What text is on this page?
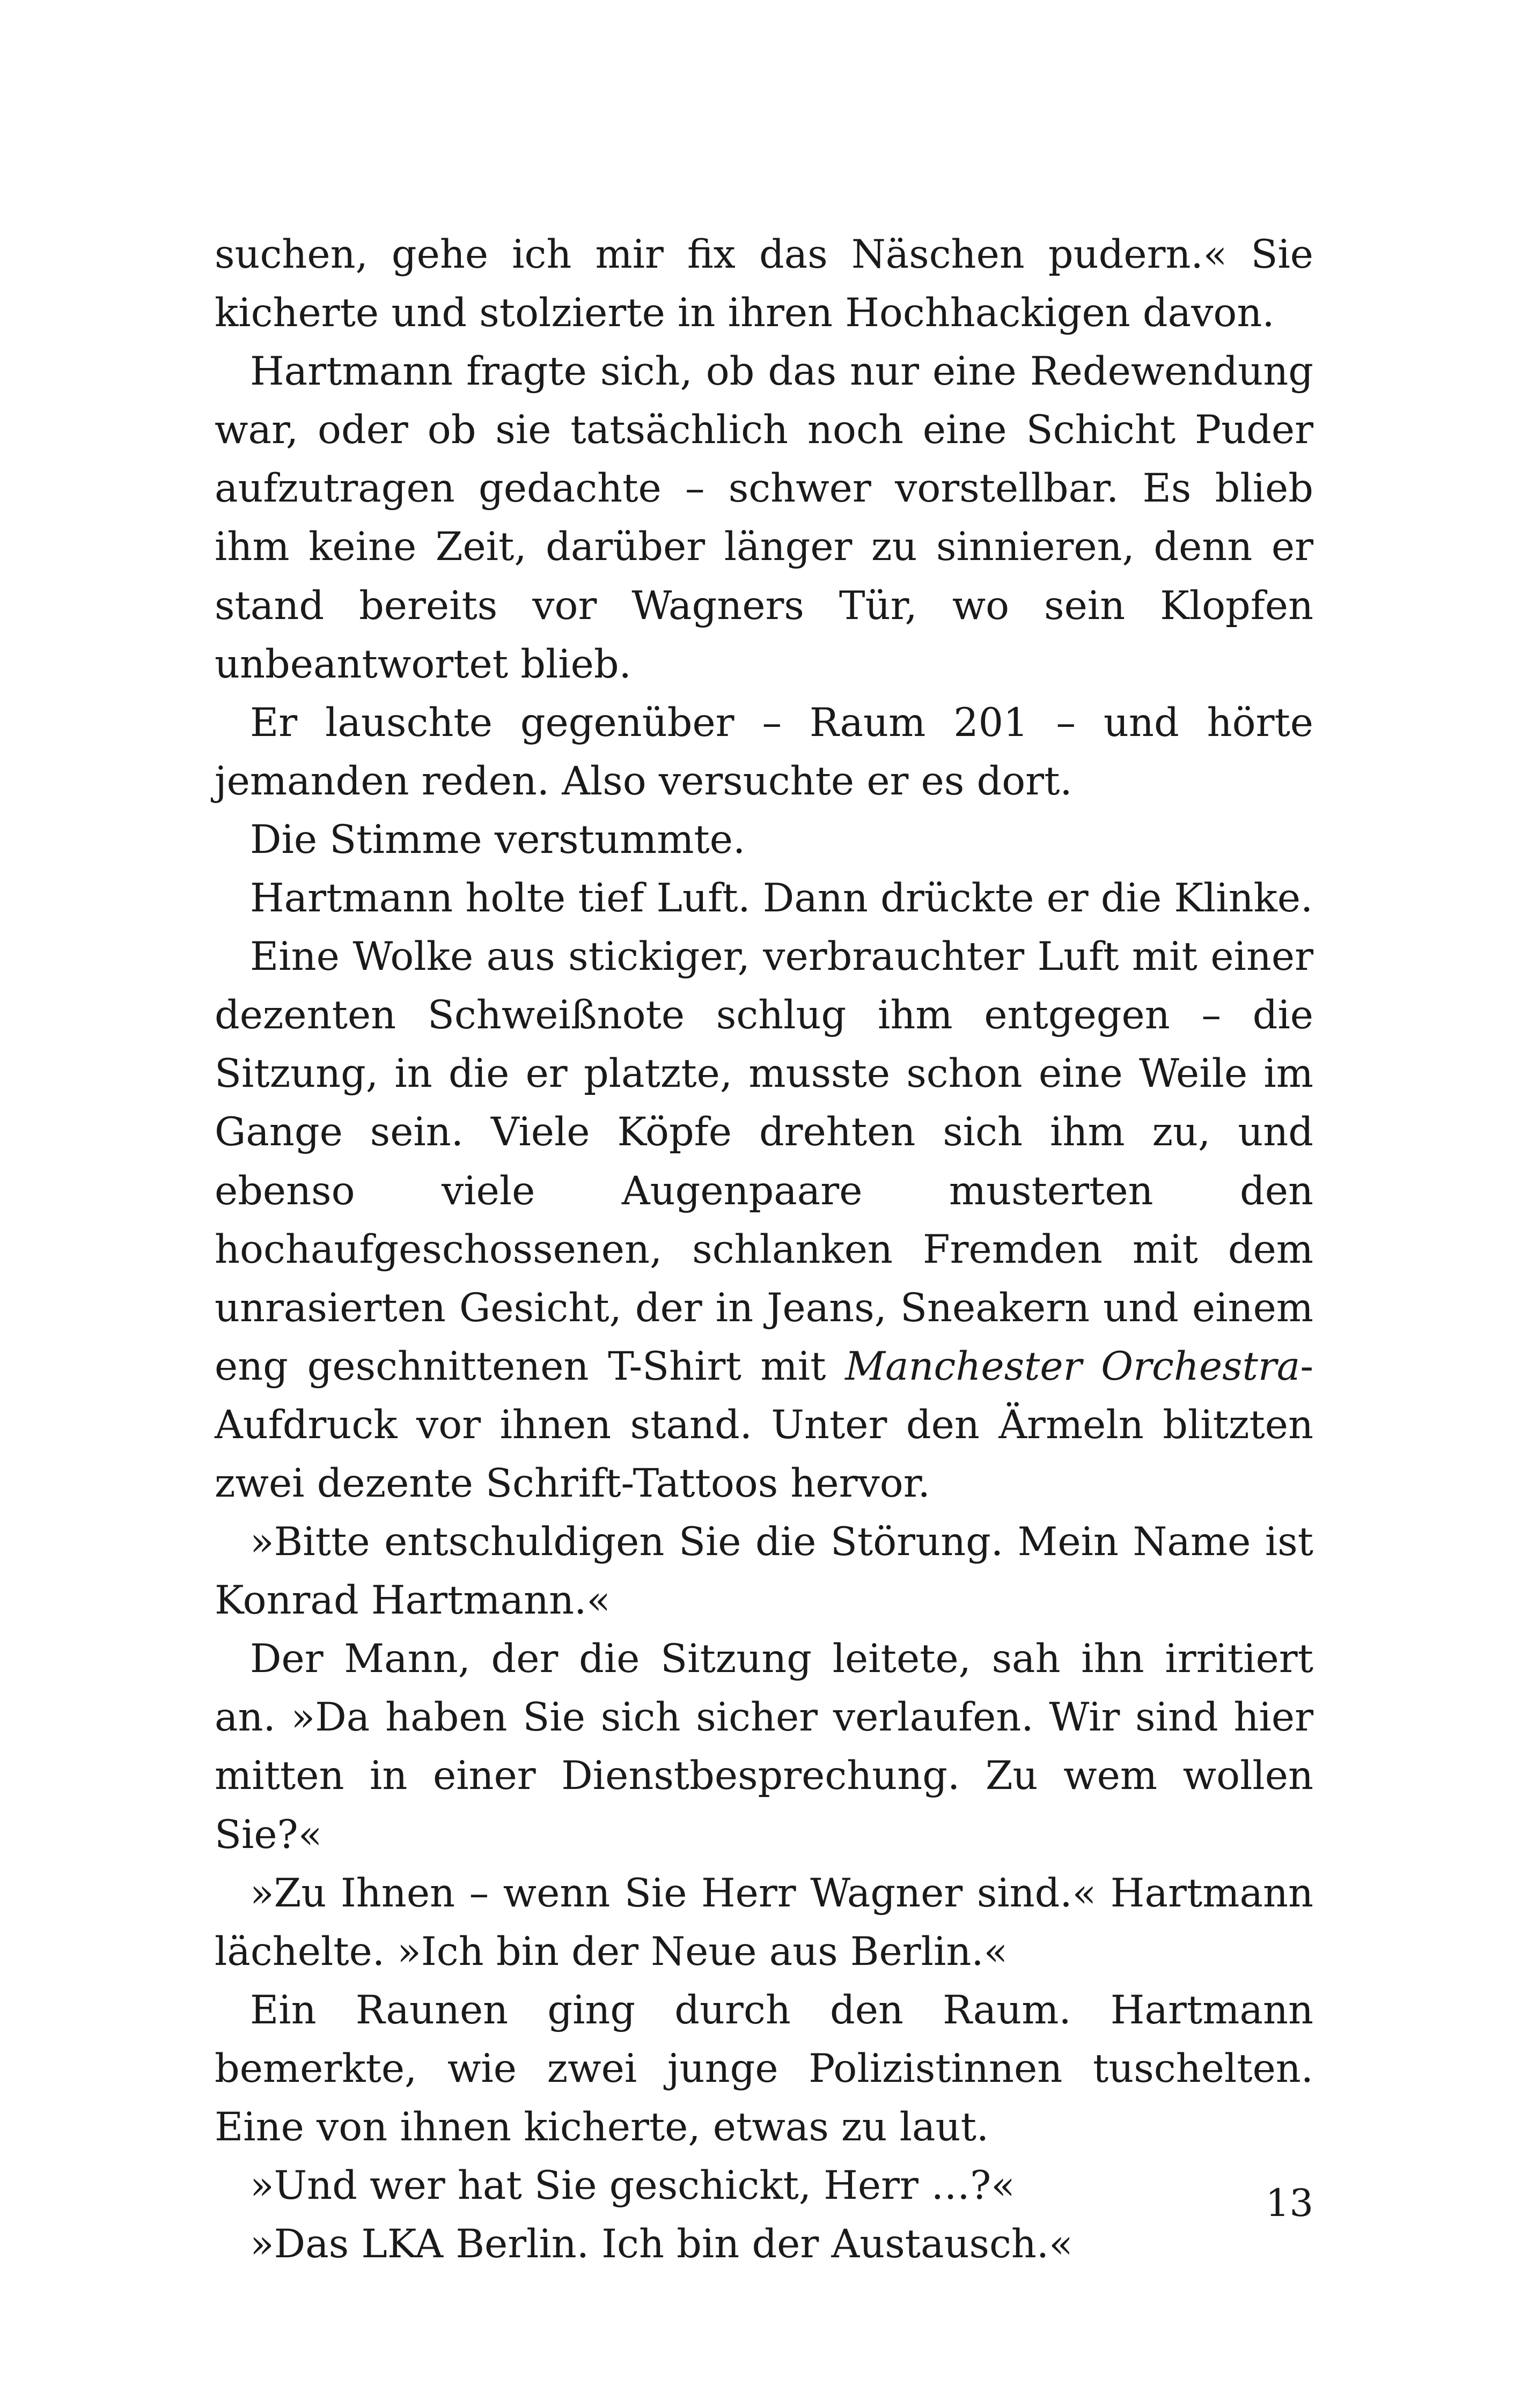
suchen, gehe ich mir fix das Näschen pudern.« Sie kicherte und stolzierte in ihren Hochhackigen davon.

Hartmann fragte sich, ob das nur eine Redewendung war, oder ob sie tatsächlich noch eine Schicht Puder aufzutragen gedachte – schwer vorstellbar. Es blieb ihm keine Zeit, darüber länger zu sinnieren, denn er stand bereits vor Wagners Tür, wo sein Klopfen unbeantwortet blieb.

Er lauschte gegenüber – Raum 201 – und hörte jemanden reden. Also versuchte er es dort.

Die Stimme verstummte.

Hartmann holte tief Luft. Dann drückte er die Klinke.

Eine Wolke aus stickiger, verbrauchter Luft mit einer dezenten Schweißnote schlug ihm entgegen – die Sitzung, in die er platzte, musste schon eine Weile im Gange sein. Viele Köpfe drehten sich ihm zu, und ebenso viele Augenpaare musterten den hochaufgeschossenen, schlanken Fremden mit dem unrasierten Gesicht, der in Jeans, Sneakern und einem eng geschnittenen T-Shirt mit Manchester Orchestra-Aufdruck vor ihnen stand. Unter den Ärmeln blitzten zwei dezente Schrift-Tattoos hervor.

»Bitte entschuldigen Sie die Störung. Mein Name ist Konrad Hartmann.«

Der Mann, der die Sitzung leitete, sah ihn irritiert an. »Da haben Sie sich sicher verlaufen. Wir sind hier mitten in einer Dienstbesprechung. Zu wem wollen Sie?«

»Zu Ihnen – wenn Sie Herr Wagner sind.« Hartmann lächelte. »Ich bin der Neue aus Berlin.«

Ein Raunen ging durch den Raum. Hartmann bemerkte, wie zwei junge Polizistinnen tuschelten. Eine von ihnen kicherte, etwas zu laut.

»Und wer hat Sie geschickt, Herr …?«

»Das LKA Berlin. Ich bin der Austausch.«

13
